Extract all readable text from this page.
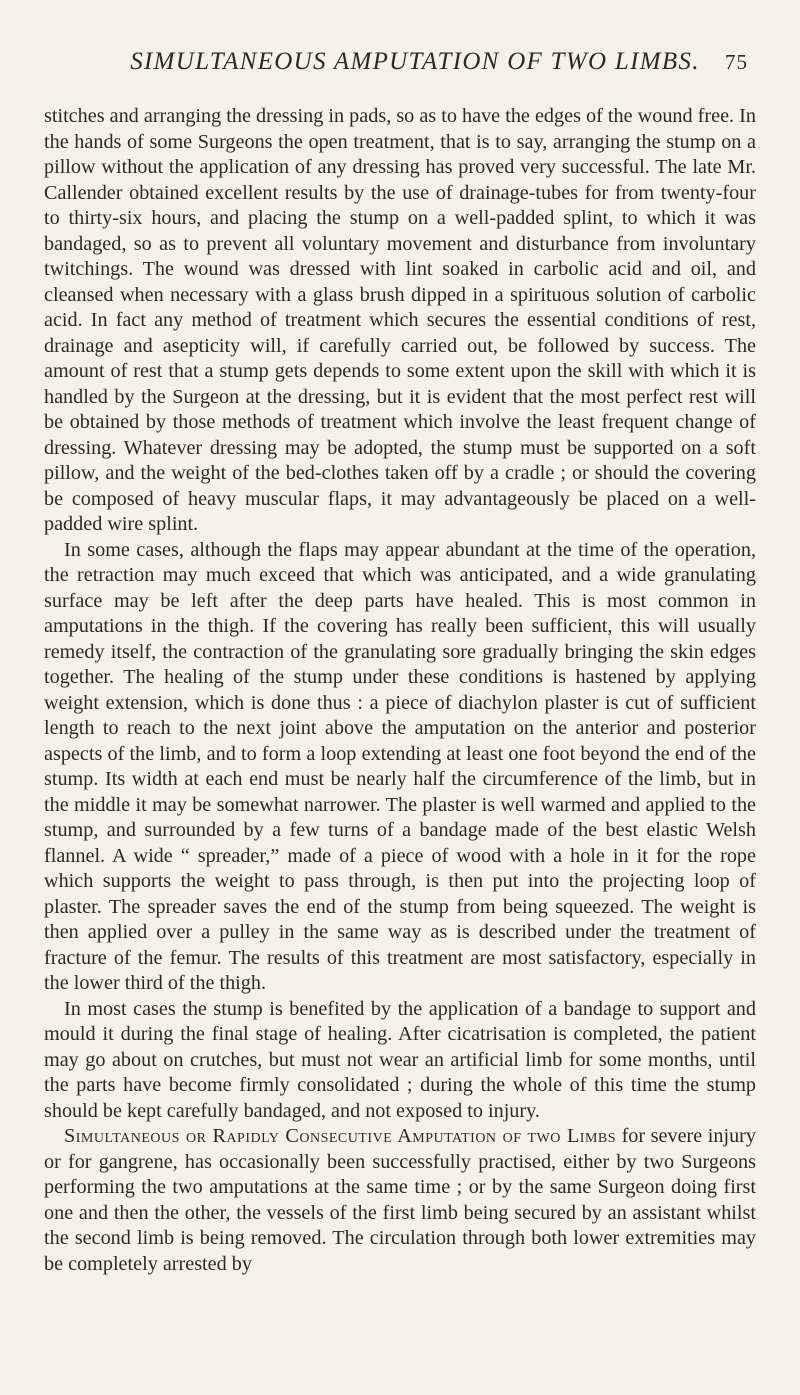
SIMULTANEOUS AMPUTATION OF TWO LIMBS. 75

stitches and arranging the dressing in pads, so as to have the edges of the wound free. In the hands of some Surgeons the open treatment, that is to say, arranging the stump on a pillow without the application of any dressing has proved very successful. The late Mr. Callender obtained excellent results by the use of drainage-tubes for from twenty-four to thirty-six hours, and placing the stump on a well-padded splint, to which it was bandaged, so as to prevent all voluntary movement and disturbance from involuntary twitchings. The wound was dressed with lint soaked in carbolic acid and oil, and cleansed when necessary with a glass brush dipped in a spirituous solution of carbolic acid. In fact any method of treatment which secures the essential conditions of rest, drainage and asepticity will, if carefully carried out, be followed by success. The amount of rest that a stump gets depends to some extent upon the skill with which it is handled by the Surgeon at the dressing, but it is evident that the most perfect rest will be obtained by those methods of treatment which involve the least frequent change of dressing. Whatever dressing may be adopted, the stump must be supported on a soft pillow, and the weight of the bed-clothes taken off by a cradle ; or should the covering be composed of heavy muscular flaps, it may advantageously be placed on a well-padded wire splint.

In some cases, although the flaps may appear abundant at the time of the operation, the retraction may much exceed that which was anticipated, and a wide granulating surface may be left after the deep parts have healed. This is most common in amputations in the thigh. If the covering has really been sufficient, this will usually remedy itself, the contraction of the granulating sore gradually bringing the skin edges together. The healing of the stump under these conditions is hastened by applying weight extension, which is done thus : a piece of diachylon plaster is cut of sufficient length to reach to the next joint above the amputation on the anterior and posterior aspects of the limb, and to form a loop extending at least one foot beyond the end of the stump. Its width at each end must be nearly half the circumference of the limb, but in the middle it may be somewhat narrower. The plaster is well warmed and applied to the stump, and surrounded by a few turns of a bandage made of the best elastic Welsh flannel. A wide “ spreader,” made of a piece of wood with a hole in it for the rope which supports the weight to pass through, is then put into the projecting loop of plaster. The spreader saves the end of the stump from being squeezed. The weight is then applied over a pulley in the same way as is described under the treatment of fracture of the femur. The results of this treatment are most satisfactory, especially in the lower third of the thigh.

In most cases the stump is benefited by the application of a bandage to support and mould it during the final stage of healing. After cicatrisation is completed, the patient may go about on crutches, but must not wear an artificial limb for some months, until the parts have become firmly consolidated ; during the whole of this time the stump should be kept carefully bandaged, and not exposed to injury.

Simultaneous or Rapidly Consecutive Amputation of two Limbs for severe injury or for gangrene, has occasionally been successfully practised, either by two Surgeons performing the two amputations at the same time ; or by the same Surgeon doing first one and then the other, the vessels of the first limb being secured by an assistant whilst the second limb is being removed. The circulation through both lower extremities may be completely arrested by
